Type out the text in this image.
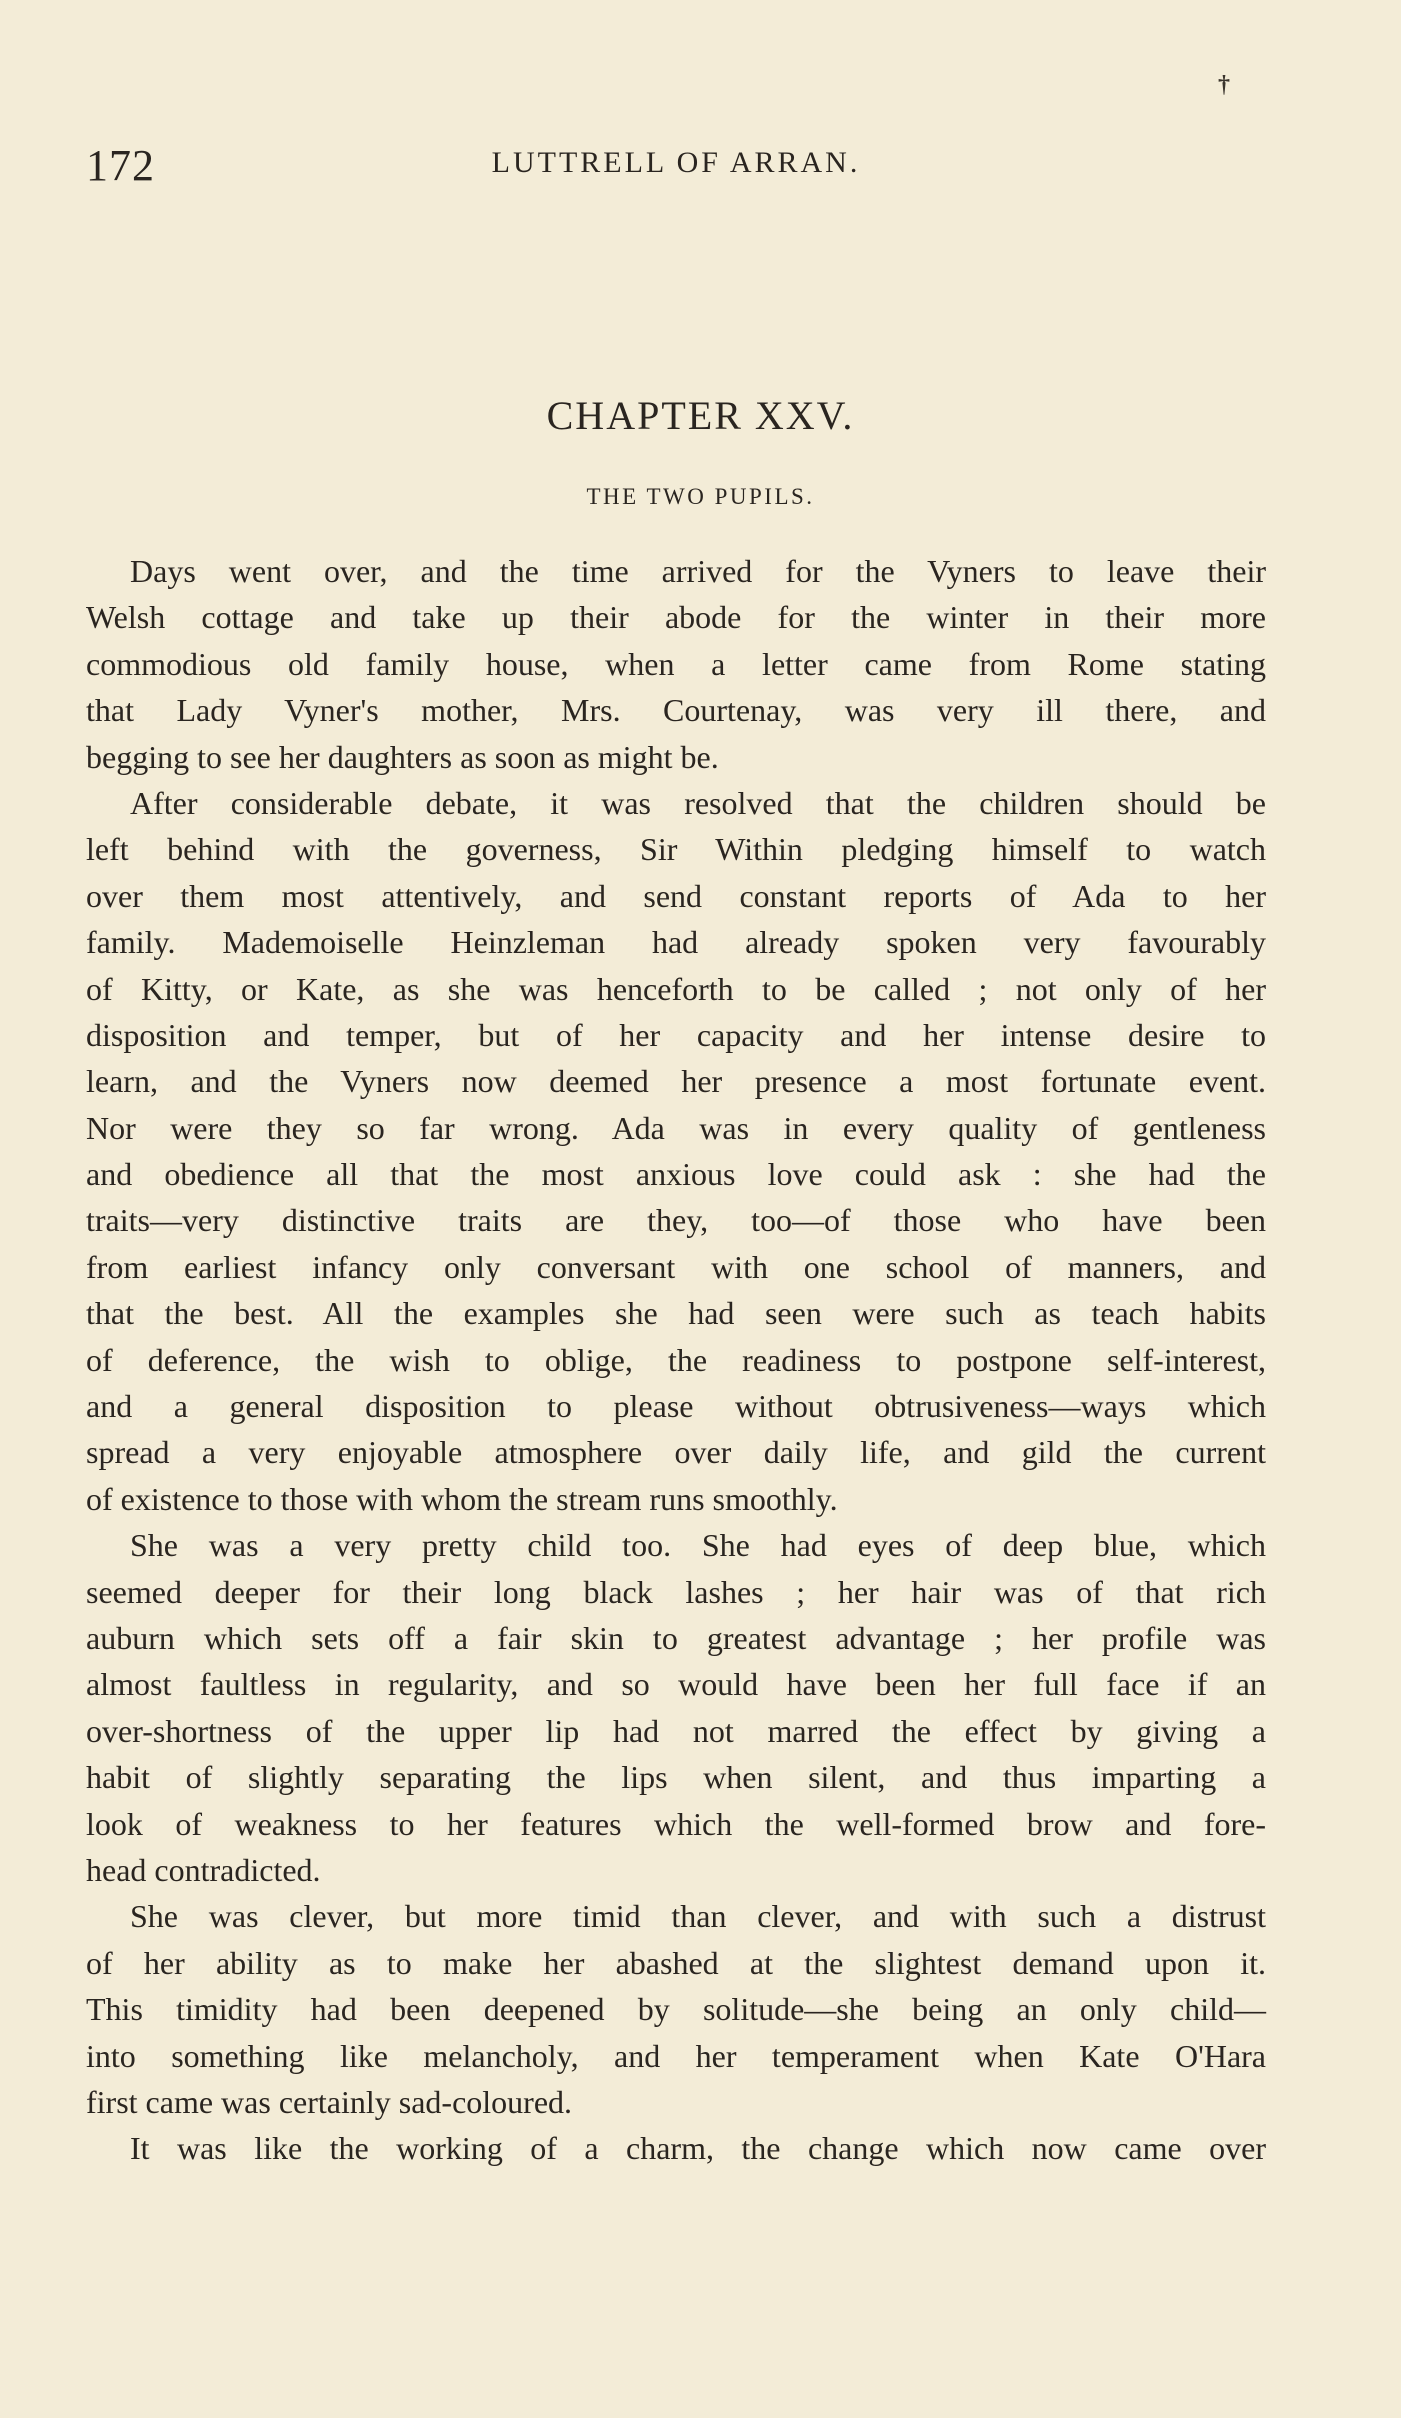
†
172	LUTTRELL OF ARRAN.
CHAPTER XXV.
THE TWO PUPILS.
Days went over, and the time arrived for the Vyners to leave their
Welsh cottage and take up their abode for the winter in their more
commodious old family house, when a letter came from Rome stating
that Lady Vyner's mother, Mrs. Courtenay, was very ill there, and
begging to see her daughters as soon as might be.
After considerable debate, it was resolved that the children should be
left behind with the governess, Sir Within pledging himself to watch
over them most attentively, and send constant reports of Ada to her
family. Mademoiselle Heinzleman had already spoken very favourably
of Kitty, or Kate, as she was henceforth to be called ; not only of her
disposition and temper, but of her capacity and her intense desire to
learn, and the Vyners now deemed her presence a most fortunate event.
Nor were they so far wrong. Ada was in every quality of gentleness
and obedience all that the most anxious love could ask : she had the
traits—very distinctive traits are they, too—of those who have been
from earliest infancy only conversant with one school of manners, and
that the best. All the examples she had seen were such as teach habits
of deference, the wish to oblige, the readiness to postpone self-interest,
and a general disposition to please without obtrusiveness—ways which
spread a very enjoyable atmosphere over daily life, and gild the current
of existence to those with whom the stream runs smoothly.
She was a very pretty child too. She had eyes of deep blue, which
seemed deeper for their long black lashes ; her hair was of that rich
auburn which sets off a fair skin to greatest advantage ; her profile was
almost faultless in regularity, and so would have been her full face if an
over-shortness of the upper lip had not marred the effect by giving a
habit of slightly separating the lips when silent, and thus imparting a
look of weakness to her features which the well-formed brow and fore-
head contradicted.
She was clever, but more timid than clever, and with such a distrust
of her ability as to make her abashed at the slightest demand upon it.
This timidity had been deepened by solitude—she being an only child—
into something like melancholy, and her temperament when Kate O'Hara
first came was certainly sad-coloured.
It was like the working of a charm, the change which now came over
